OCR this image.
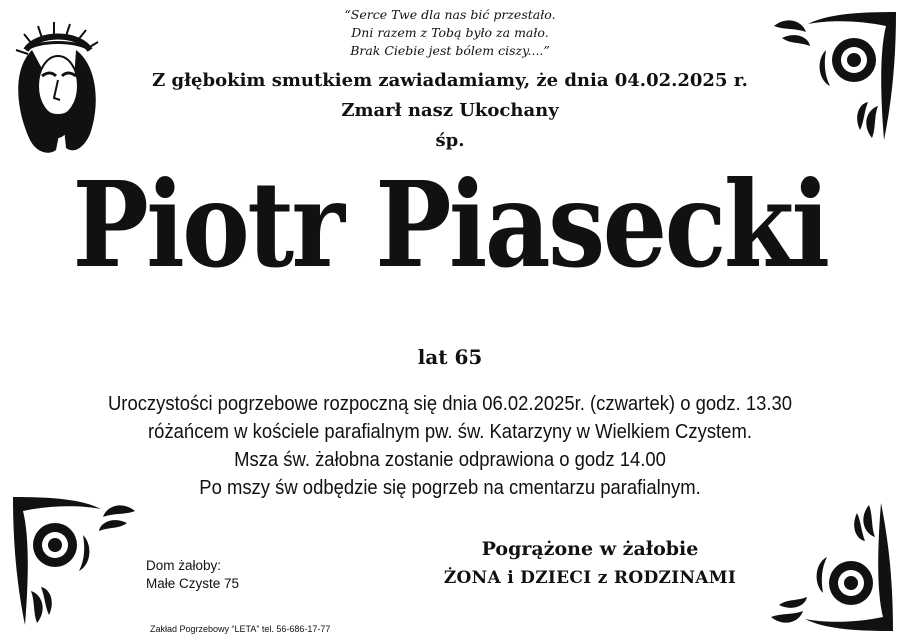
“Serce Twe dla nas bić przestało.
Dni razem z Tobą było za mało.
Brak Ciebie jest bólem ciszy....”
Z głębokim smutkiem zawiadamiamy, że dnia 04.02.2025 r.
Zmarł nasz Ukochany
śp.
Piotr Piasecki
lat 65
Uroczystości pogrzebowe rozpoczną się dnia 06.02.2025r. (czwartek) o godz. 13.30
różańcem w kościele parafialnym pw. św. Katarzyny w Wielkiem Czystem.
Msza św. żałobna zostanie odprawiona o godz 14.00
Po mszy św odbędzie się pogrzeb na cmentarzu parafialnym.
Dom żałoby:
Małe Czyste 75
Pogrążone w żałobie
ŻONA i DZIECI z RODZINAMI
Zakład Pogrzebowy “LETA” tel. 56-686-17-77
